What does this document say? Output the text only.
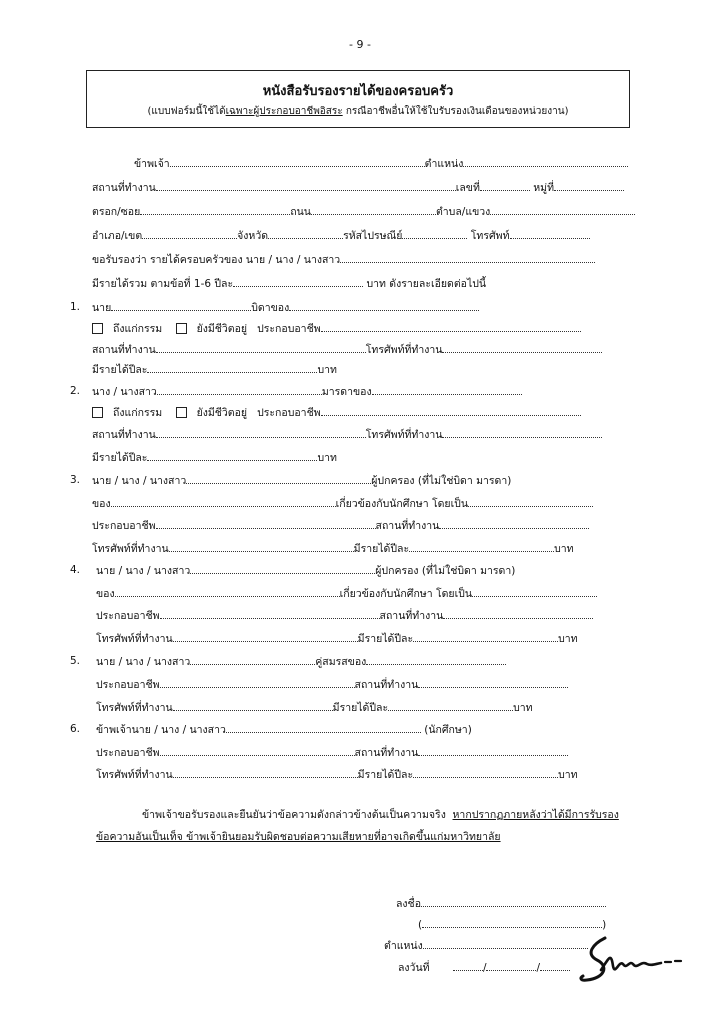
- 9 -
หนังสือรับรองรายได้ของครอบครัว
(แบบฟอร์มนี้ใช้ได้เฉพาะผู้ประกอบอาชีพอิสระ กรณีอาชีพอื่นให้ใช้ใบรับรองเงินเดือนของหน่วยงาน)
ข้าพเจ้า	ตำแหน่ง
สถานที่ทำงาน	เลขที่	หมู่ที่
ตรอก/ซอย	ถนน	ตำบล/แขวง
อำเภอ/เขต	จังหวัด	รหัสไปรษณีย์	โทรศัพท์
ขอรับรองว่า รายได้ครอบครัวของ นาย / นาง / นางสาว
มีรายได้รวม ตามข้อที่ 1-6 ปีละ	บาท ดังรายละเอียดต่อไปนี้
1. นาย	บิดาของ
ถึงแก่กรรม	ยังมีชีวิตอยู่ ประกอบอาชีพ
สถานที่ทำงาน	โทรศัพท์ที่ทำงาน
มีรายได้ปีละ	บาท
2. นาง / นางสาว	มารดาของ
ถึงแก่กรรม	ยังมีชีวิตอยู่ ประกอบอาชีพ
สถานที่ทำงาน	โทรศัพท์ที่ทำงาน
มีรายได้ปีละ	บาท
3. นาย / นาง / นางสาว	ผู้ปกครอง (ที่ไม่ใช่บิดา มารดา)
ของ	เกี่ยวข้องกับนักศึกษา โดยเป็น
ประกอบอาชีพ	สถานที่ทำงาน
โทรศัพท์ที่ทำงาน	มีรายได้ปีละ	บาท
4. นาย / นาง / นางสาว	ผู้ปกครอง (ที่ไม่ใช่บิดา มารดา)
ของ	เกี่ยวข้องกับนักศึกษา โดยเป็น
ประกอบอาชีพ	สถานที่ทำงาน
โทรศัพท์ที่ทำงาน	มีรายได้ปีละ	บาท
5. นาย / นาง / นางสาว	คู่สมรสของ
ประกอบอาชีพ	สถานที่ทำงาน
โทรศัพท์ที่ทำงาน	มีรายได้ปีละ	บาท
6. ข้าพเจ้านาย / นาง / นางสาว	(นักศึกษา)
ประกอบอาชีพ	สถานที่ทำงาน
โทรศัพท์ที่ทำงาน	มีรายได้ปีละ	บาท
ข้าพเจ้าขอรับรองและยืนยันว่าข้อความดังกล่าวข้างต้นเป็นความจริง หากปรากฏภายหลังว่าได้มีการรับรอง
ข้อความอันเป็นเท็จ ข้าพเจ้ายินยอมรับผิดชอบต่อความเสียหายที่อาจเกิดขึ้นแก่มหาวิทยาลัย
ลงชื่อ
(	)
ตำแหน่ง
ลงวันที่	/	/
